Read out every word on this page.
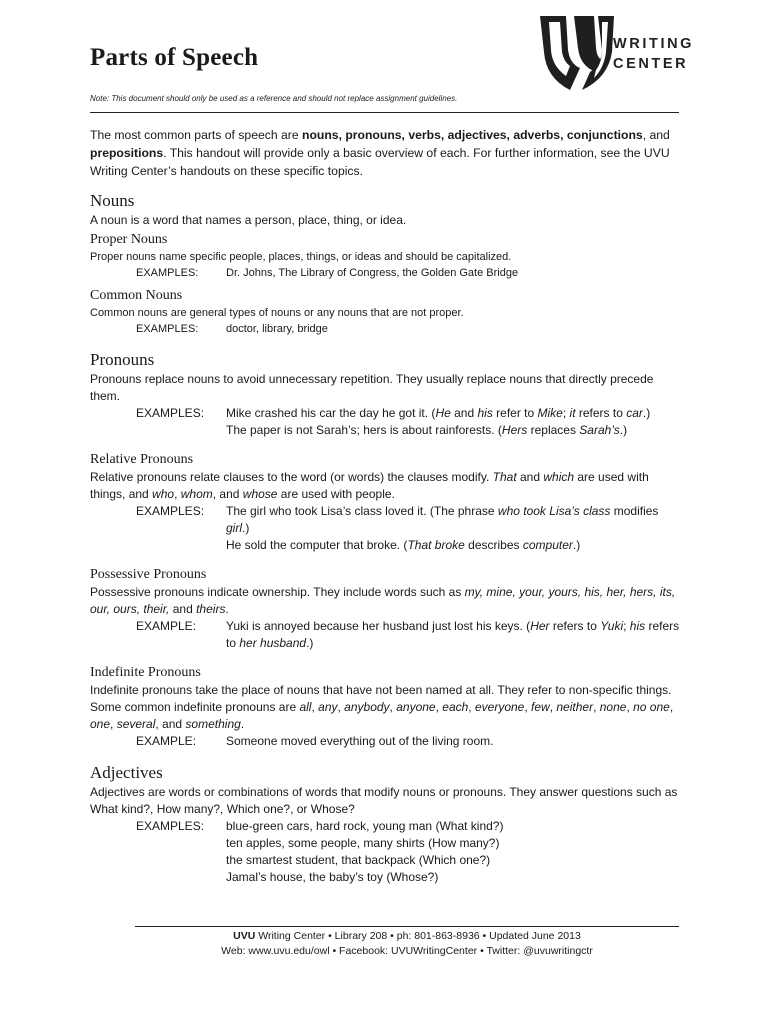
Parts of Speech

Note: This document should only be used as a reference and should not replace assignment guidelines.

WRITING

CENTER

The most common parts of speech are nouns, pronouns, verbs, adjectives, adverbs, conjunctions, and prepositions. This handout will provide only a basic overview of each. For further information, see the UVU Writing Center’s handouts on these specific topics.

Nouns

A noun is a word that names a person, place, thing, or idea.

Proper Nouns

Proper nouns name specific people, places, things, or ideas and should be capitalized.

EXAMPLES:	Dr. Johns, The Library of Congress, the Golden Gate Bridge

Common Nouns

Common nouns are general types of nouns or any nouns that are not proper.

EXAMPLES:	doctor, library, bridge

Pronouns

Pronouns replace nouns to avoid unnecessary repetition. They usually replace nouns that directly precede them.

EXAMPLES:	Mike crashed his car the day he got it. (He and his refer to Mike; it refers to car.)
The paper is not Sarah’s; hers is about rainforests. (Hers replaces Sarah’s.)

Relative Pronouns

Relative pronouns relate clauses to the word (or words) the clauses modify. That and which are used with things, and who, whom, and whose are used with people.

EXAMPLES:	The girl who took Lisa’s class loved it. (The phrase who took Lisa’s class modifies girl.)
He sold the computer that broke. (That broke describes computer.)

Possessive Pronouns

Possessive pronouns indicate ownership. They include words such as my, mine, your, yours, his, her, hers, its, our, ours, their, and theirs.

EXAMPLE:	Yuki is annoyed because her husband just lost his keys. (Her refers to Yuki; his refers to her husband.)

Indefinite Pronouns

Indefinite pronouns take the place of nouns that have not been named at all. They refer to non-specific things. Some common indefinite pronouns are all, any, anybody, anyone, each, everyone, few, neither, none, no one, one, several, and something.

EXAMPLE:	Someone moved everything out of the living room.

Adjectives

Adjectives are words or combinations of words that modify nouns or pronouns. They answer questions such as What kind?, How many?, Which one?, or Whose?

EXAMPLES:	blue-green cars, hard rock, young man (What kind?)
ten apples, some people, many shirts (How many?)
the smartest student, that backpack (Which one?)
Jamal’s house, the baby’s toy (Whose?)

UVU Writing Center • Library 208 • ph: 801-863-8936 • Updated June 2013

Web: www.uvu.edu/owl • Facebook: UVUWritingCenter • Twitter: @uvuwritingctr
